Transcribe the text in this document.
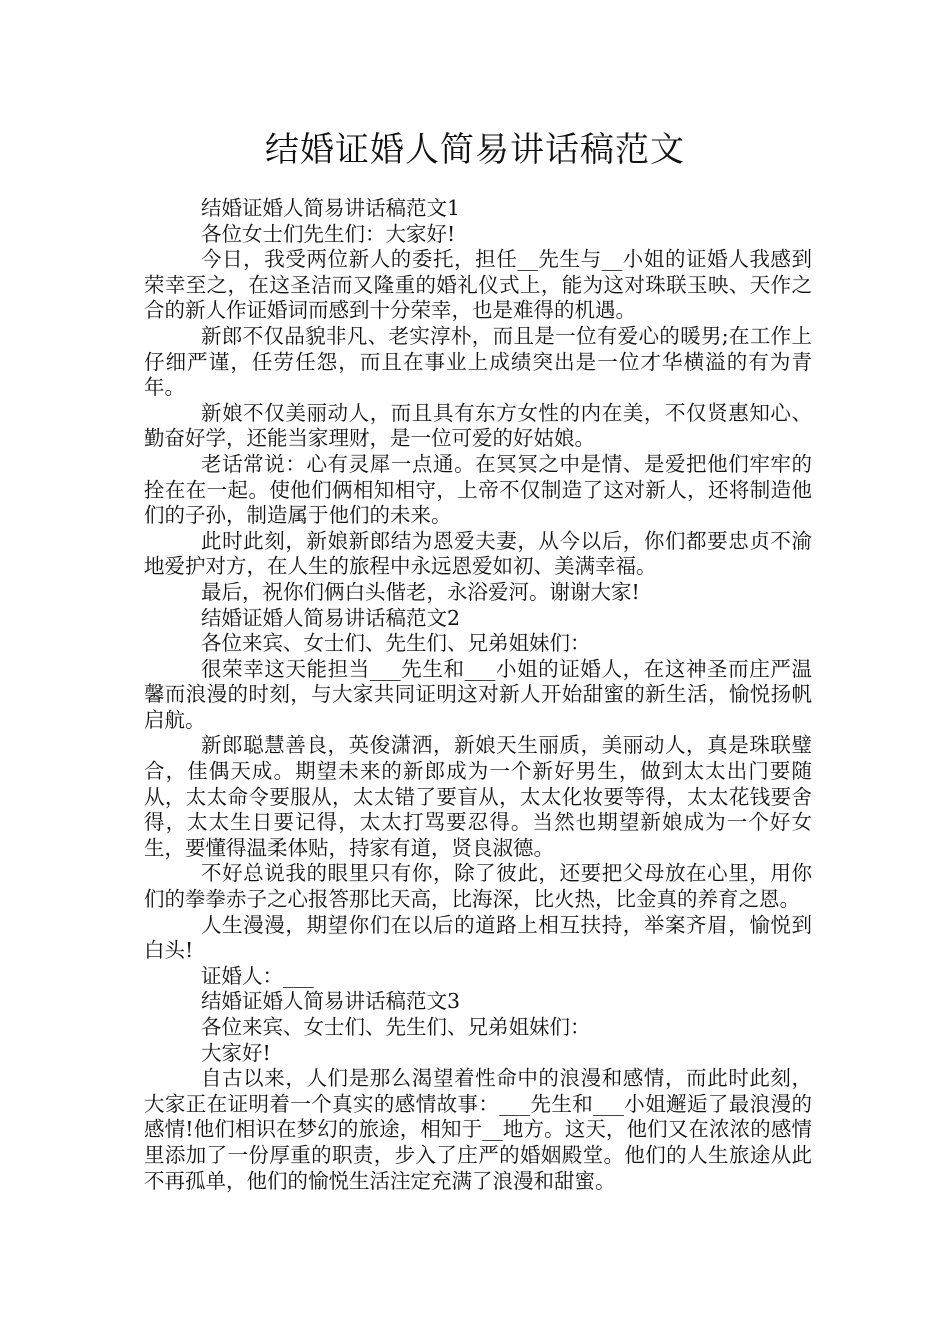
结婚证婚人简易讲话稿范文

结婚证婚人简易讲话稿范文1

各位女士们先生们：大家好!

今日，我受两位新人的委托，担任__先生与__小姐的证婚人我感到荣幸至之，在这圣洁而又隆重的婚礼仪式上，能为这对珠联玉映、天作之合的新人作证婚词而感到十分荣幸，也是难得的机遇。

新郎不仅品貌非凡、老实淳朴，而且是一位有爱心的暖男;在工作上仔细严谨，任劳任怨，而且在事业上成绩突出是一位才华横溢的有为青年。

新娘不仅美丽动人，而且具有东方女性的内在美，不仅贤惠知心、勤奋好学，还能当家理财，是一位可爱的好姑娘。

老话常说：心有灵犀一点通。在冥冥之中是情、是爱把他们牢牢的拴在在一起。使他们俩相知相守，上帝不仅制造了这对新人，还将制造他们的子孙，制造属于他们的未来。

此时此刻，新娘新郎结为恩爱夫妻，从今以后，你们都要忠贞不渝地爱护对方，在人生的旅程中永远恩爱如初、美满幸福。

最后，祝你们俩白头偕老，永浴爱河。谢谢大家!

结婚证婚人简易讲话稿范文2

各位来宾、女士们、先生们、兄弟姐妹们：

很荣幸这天能担当___先生和___小姐的证婚人，在这神圣而庄严温馨而浪漫的时刻，与大家共同证明这对新人开始甜蜜的新生活，愉悦扬帆启航。

新郎聪慧善良，英俊潇洒，新娘天生丽质，美丽动人，真是珠联璧合，佳偶天成。期望未来的新郎成为一个新好男生，做到太太出门要随从，太太命令要服从，太太错了要盲从，太太化妆要等得，太太花钱要舍得，太太生日要记得，太太打骂要忍得。当然也期望新娘成为一个好女生，要懂得温柔体贴，持家有道，贤良淑德。

不好总说我的眼里只有你，除了彼此，还要把父母放在心里，用你们的拳拳赤子之心报答那比天高，比海深，比火热，比金真的养育之恩。

人生漫漫，期望你们在以后的道路上相互扶持，举案齐眉，愉悦到白头!

证婚人：___

结婚证婚人简易讲话稿范文3

各位来宾、女士们、先生们、兄弟姐妹们：

大家好!

自古以来，人们是那么渴望着性命中的浪漫和感情，而此时此刻，大家正在证明着一个真实的感情故事：___先生和___小姐邂逅了最浪漫的感情!他们相识在梦幻的旅途，相知于__地方。这天，他们又在浓浓的感情里添加了一份厚重的职责，步入了庄严的婚姻殿堂。他们的人生旅途从此不再孤单，他们的愉悦生活注定充满了浪漫和甜蜜。
